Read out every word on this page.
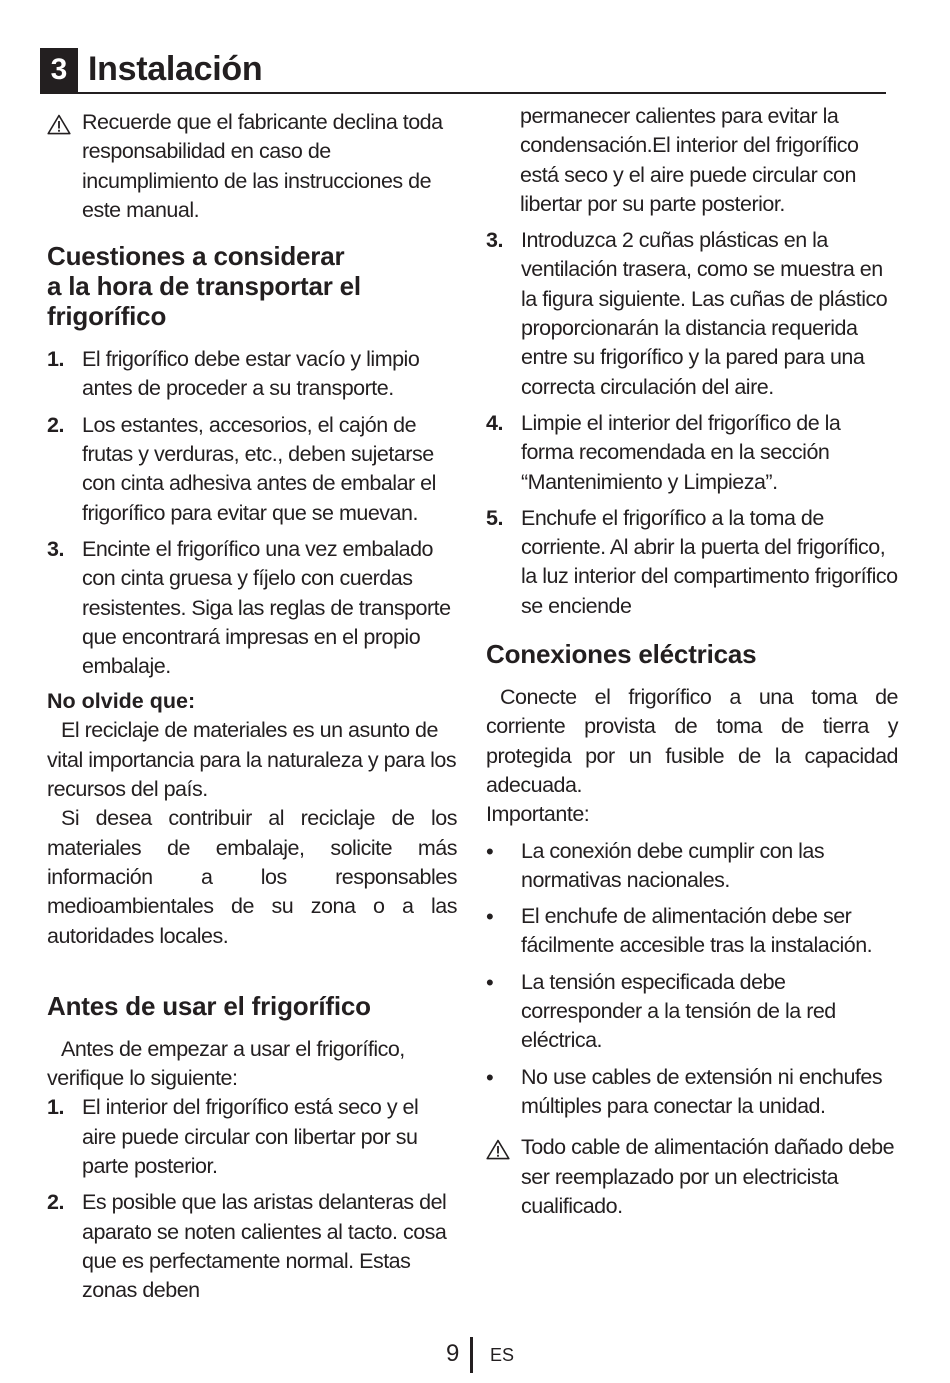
3 Instalación

Recuerde que el fabricante declina toda responsabilidad en caso de incumplimiento de las instrucciones de este manual.

Cuestiones a considerar
a la hora de transportar el
frigorífico
1. El frigorífico debe estar vacío y limpio antes de proceder a su transporte.
2. Los estantes, accesorios, el cajón de frutas y verduras, etc., deben sujetarse con cinta adhesiva antes de embalar el frigorífico para evitar que se muevan.
3. Encinte el frigorífico una vez embalado con cinta gruesa y fíjelo con cuerdas resistentes. Siga las reglas de transporte que encontrará impresas en el propio embalaje.
No olvide que:

El reciclaje de materiales es un asunto de vital importancia para la naturaleza y para los recursos del país.

Si desea contribuir al reciclaje de los materiales de embalaje, solicite más información a los responsables medioambientales de su zona o a las autoridades locales.

Antes de usar el frigorífico

Antes de empezar a usar el frigorífico, verifique lo siguiente:

1. El interior del frigorífico está seco y el aire puede circular con libertar por su parte posterior.
2. Es posible que las aristas delanteras del aparato se noten calientes al tacto. cosa que es perfectamente normal. Estas zonas deben

permanecer calientes para evitar la condensación.El interior del frigorífico está seco y el aire puede circular con libertar por su parte posterior.

3. Introduzca 2 cuñas plásticas en la ventilación trasera, como se muestra en la figura siguiente. Las cuñas de plástico proporcionarán la distancia requerida entre su frigorífico y la pared para una correcta circulación del aire.
4. Limpie el interior del frigorífico de la forma recomendada en la sección “Mantenimiento y Limpieza”.
5. Enchufe el frigorífico a la toma de corriente. Al abrir la puerta del frigorífico, la luz interior del compartimento frigorífico se enciende
Conexiones eléctricas

Conecte el frigorífico a una toma de corriente provista de toma de tierra y protegida por un fusible de la capacidad adecuada.

Importante:

• La conexión debe cumplir con las normativas nacionales.
• El enchufe de alimentación debe ser fácilmente accesible tras la instalación.
• La tensión especificada debe corresponder a la tensión de la red eléctrica.
• No use cables de extensión ni enchufes múltiples para conectar la unidad.

Todo cable de alimentación dañado debe ser reemplazado por un electricista cualificado.

9 ES
